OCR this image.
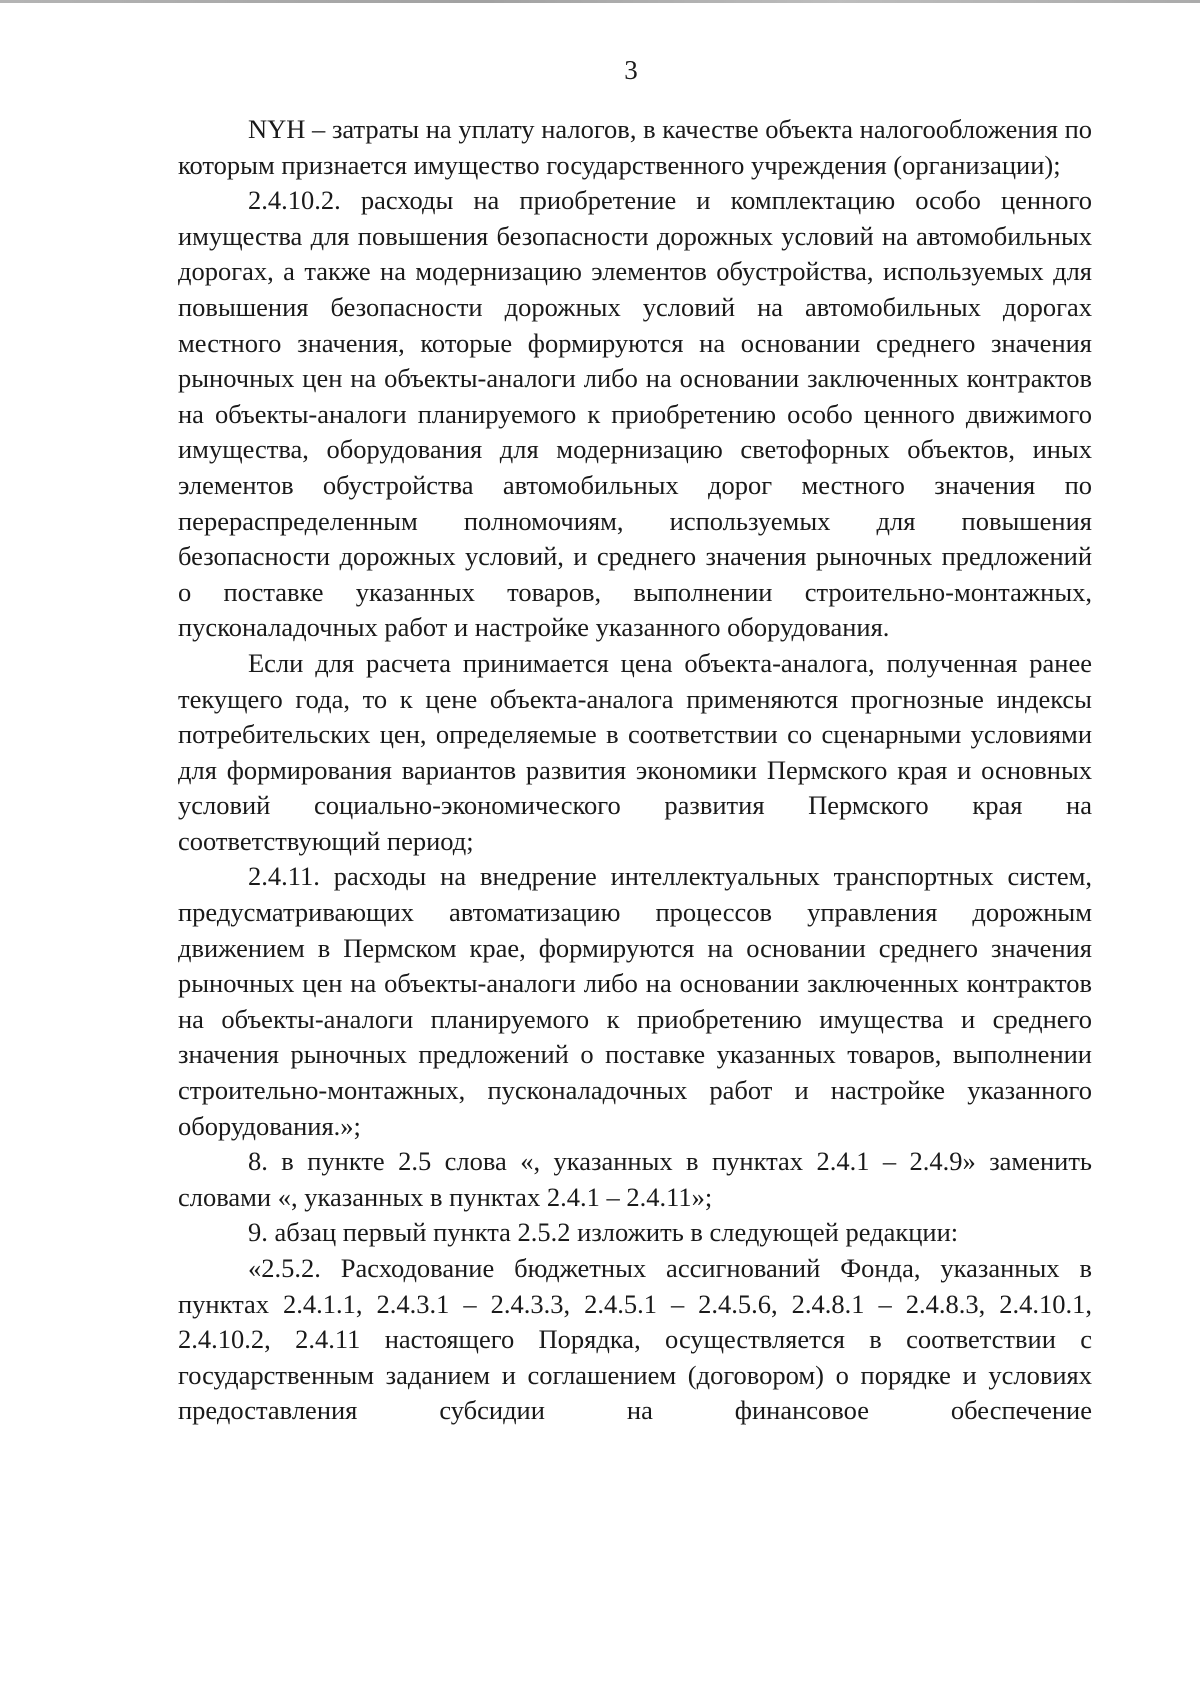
3

NYH – затраты на уплату налогов, в качестве объекта налогообложения по которым признается имущество государственного учреждения (организации);

2.4.10.2. расходы на приобретение и комплектацию особо ценного имущества для повышения безопасности дорожных условий на автомобильных дорогах, а также на модернизацию элементов обустройства, используемых для повышения безопасности дорожных условий на автомобильных дорогах местного значения, которые формируются на основании среднего значения рыночных цен на объекты-аналоги либо на основании заключенных контрактов на объекты-аналоги планируемого к приобретению особо ценного движимого имущества, оборудования для модернизацию светофорных объектов, иных элементов обустройства автомобильных дорог местного значения по перераспределенным полномочиям, используемых для повышения безопасности дорожных условий, и среднего значения рыночных предложений о поставке указанных товаров, выполнении строительно-монтажных, пусконаладочных работ и настройке указанного оборудования.

Если для расчета принимается цена объекта-аналога, полученная ранее текущего года, то к цене объекта-аналога применяются прогнозные индексы потребительских цен, определяемые в соответствии со сценарными условиями для формирования вариантов развития экономики Пермского края и основных условий социально-экономического развития Пермского края на соответствующий период;

2.4.11. расходы на внедрение интеллектуальных транспортных систем, предусматривающих автоматизацию процессов управления дорожным движением в Пермском крае, формируются на основании среднего значения рыночных цен на объекты-аналоги либо на основании заключенных контрактов на объекты-аналоги планируемого к приобретению имущества и среднего значения рыночных предложений о поставке указанных товаров, выполнении строительно-монтажных, пусконаладочных работ и настройке указанного оборудования.»;

8. в пункте 2.5 слова «, указанных в пунктах 2.4.1 – 2.4.9» заменить словами «, указанных в пунктах 2.4.1 – 2.4.11»;

9. абзац первый пункта 2.5.2 изложить в следующей редакции:

«2.5.2. Расходование бюджетных ассигнований Фонда, указанных в пунктах 2.4.1.1, 2.4.3.1 – 2.4.3.3, 2.4.5.1 – 2.4.5.6, 2.4.8.1 – 2.4.8.3, 2.4.10.1, 2.4.10.2, 2.4.11 настоящего Порядка, осуществляется в соответствии с государственным заданием и соглашением (договором) о порядке и условиях предоставления субсидии на финансовое обеспечение
